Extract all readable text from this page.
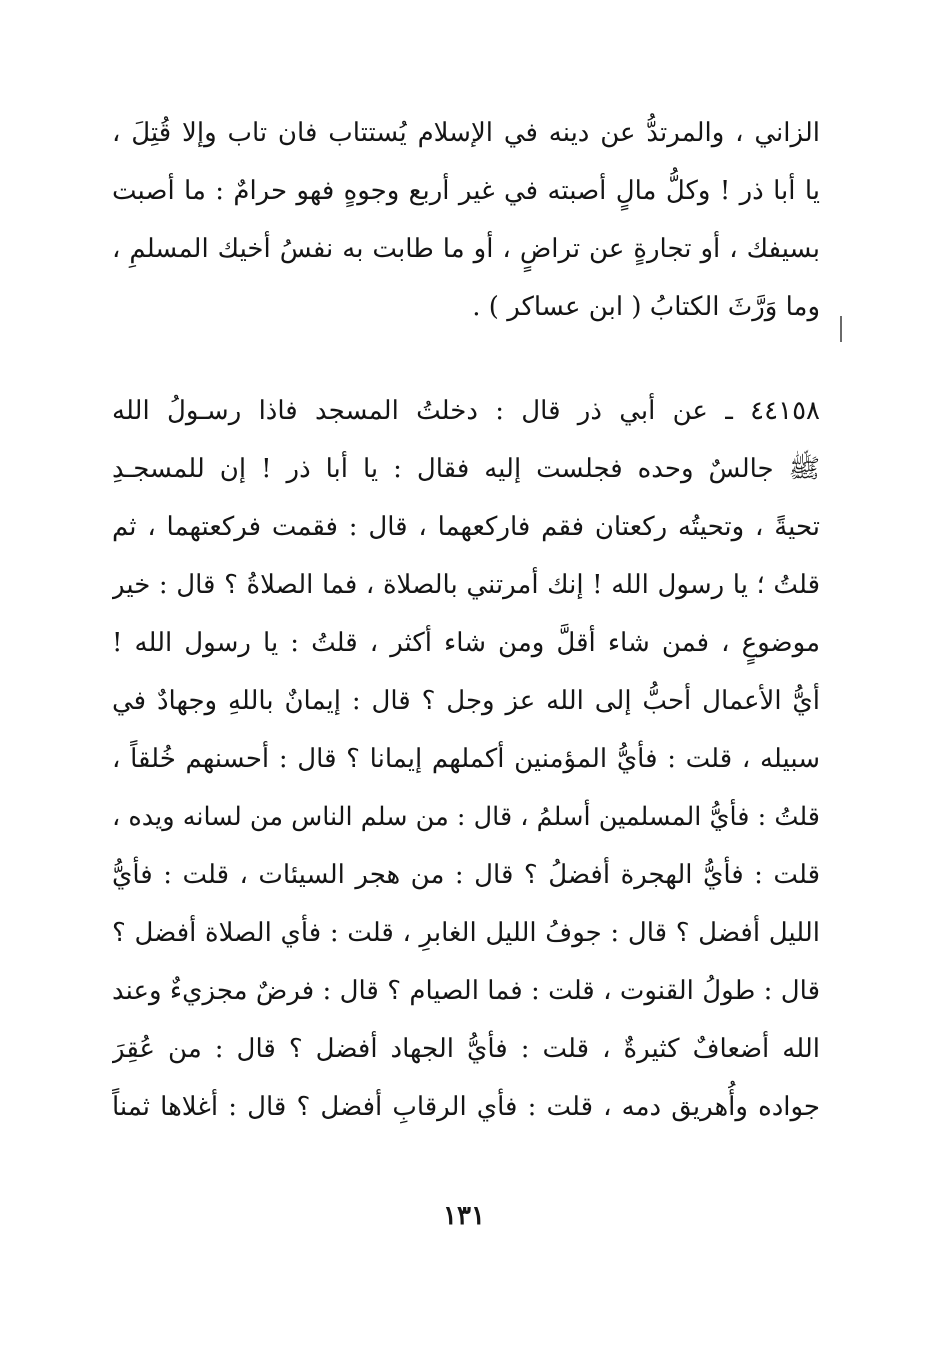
الزاني ، والمرتدُّ عن دينه في الإسلام يُستتاب فان تاب وإلا قُتِلَ ،
يا أبا ذر ! وكلُّ مالٍ أصبته في غير أربع وجوهٍ فهو حرامٌ : ما أصبت
بسيفك ، أو تجارةٍ عن تراضٍ ، أو ما طابت به نفسُ أخيك المسلمِ ،
وما وَرَّثَ الكتابُ ( ابن عساكر ) .
٤٤١٥٨ ـ عن أبي ذر قال : دخلتُ المسجد فاذا رسـولُ الله
ﷺ جالسٌ وحده فجلست إليه فقال : يا أبا ذر ! إن للمسجـدِ
تحيةً ، وتحيتُه ركعتان فقم فاركعهما ، قال : فقمت فركعتهما ، ثم
قلتُ ؛ يا رسول الله ! إنك أمرتني بالصلاة ، فما الصلاةُ ؟ قال : خير
موضوعٍ ، فمن شاء أقلَّ ومن شاء أكثر ، قلتُ : يا رسول الله !
أيُّ الأعمال أحبُّ إلى الله عز وجل ؟ قال : إيمانٌ باللهِ وجهادٌ في
سبيله ، قلت : فأيُّ المؤمنين أكملهم إيمانا ؟ قال : أحسنهم خُلقاً ،
قلتُ : فأيُّ المسلمين أسلمُ ، قال : من سلم الناس من لسانه ويده ،
قلت : فأيُّ الهجرة أفضلُ ؟ قال : من هجر السيئات ، قلت : فأيُّ
الليل أفضل ؟ قال : جوفُ الليل الغابرِ ، قلت : فأي الصلاة أفضل ؟
قال : طولُ القنوت ، قلت : فما الصيام ؟ قال : فرضٌ مجزيءٌ وعند
الله أضعافٌ كثيرةٌ ، قلت : فأيُّ الجهاد أفضل ؟ قال : من عُقِرَ
جواده وأُهريق دمه ، قلت : فأي الرقابِ أفضل ؟ قال : أغلاها ثمناً
١٣١
